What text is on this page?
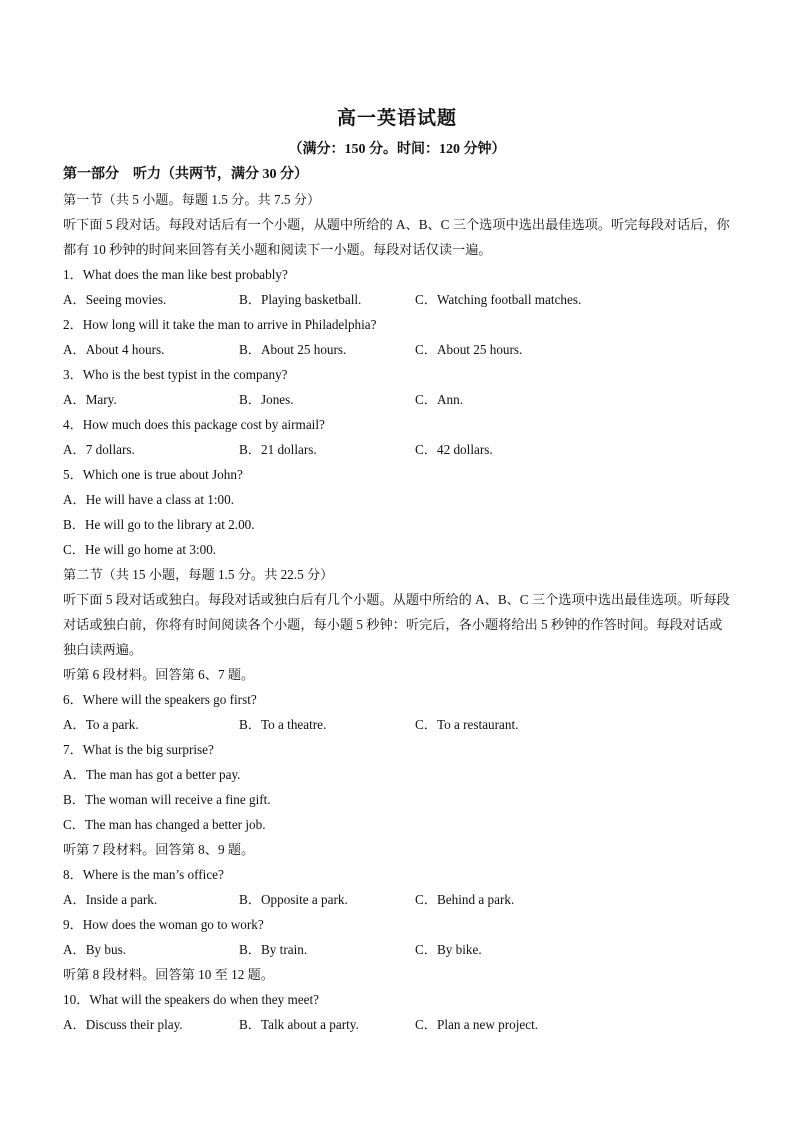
高一英语试题
（满分：150 分。时间：120 分钟）
第一部分　听力（共两节，满分 30 分）
第一节（共 5 小题。每题 1.5 分。共 7.5 分）
听下面 5 段对话。每段对话后有一个小题，从题中所给的 A、B、C 三个选项中选出最佳选项。听完每段对话后，你都有 10 秒钟的时间来回答有关小题和阅读下一小题。每段对话仅读一遍。
1．What does the man like best probably?
A．Seeing movies.	B．Playing basketball.	C．Watching football matches.
2．How long will it take the man to arrive in Philadelphia?
A．About 4 hours.	B．About 25 hours.	C．About 25 hours.
3．Who is the best typist in the company?
A．Mary.	B．Jones.	C．Ann.
4．How much does this package cost by airmail?
A．7 dollars.	B．21 dollars.	C．42 dollars.
5．Which one is true about John?
A．He will have a class at 1:00.
B．He will go to the library at 2.00.
C．He will go home at 3:00.
第二节（共 15 小题，每题 1.5 分。共 22.5 分）
听下面 5 段对话或独白。每段对话或独白后有几个小题。从题中所给的 A、B、C 三个选项中选出最佳选项。听每段对话或独白前，你将有时间阅读各个小题，每小题 5 秒钟：听完后，各小题将给出 5 秒钟的作答时间。每段对话或独白读两遍。
听第 6 段材料。回答第 6、7 题。
6．Where will the speakers go first?
A．To a park.	B．To a theatre.	C．To a restaurant.
7．What is the big surprise?
A．The man has got a better pay.
B．The woman will receive a fine gift.
C．The man has changed a better job.
听第 7 段材料。回答第 8、9 题。
8．Where is the man’s office?
A．Inside a park.	B．Opposite a park.	C．Behind a park.
9．How does the woman go to work?
A．By bus.	B．By train.	C．By bike.
听第 8 段材料。回答第 10 至 12 题。
10．What will the speakers do when they meet?
A．Discuss their play.	B．Talk about a party.	C．Plan a new project.
